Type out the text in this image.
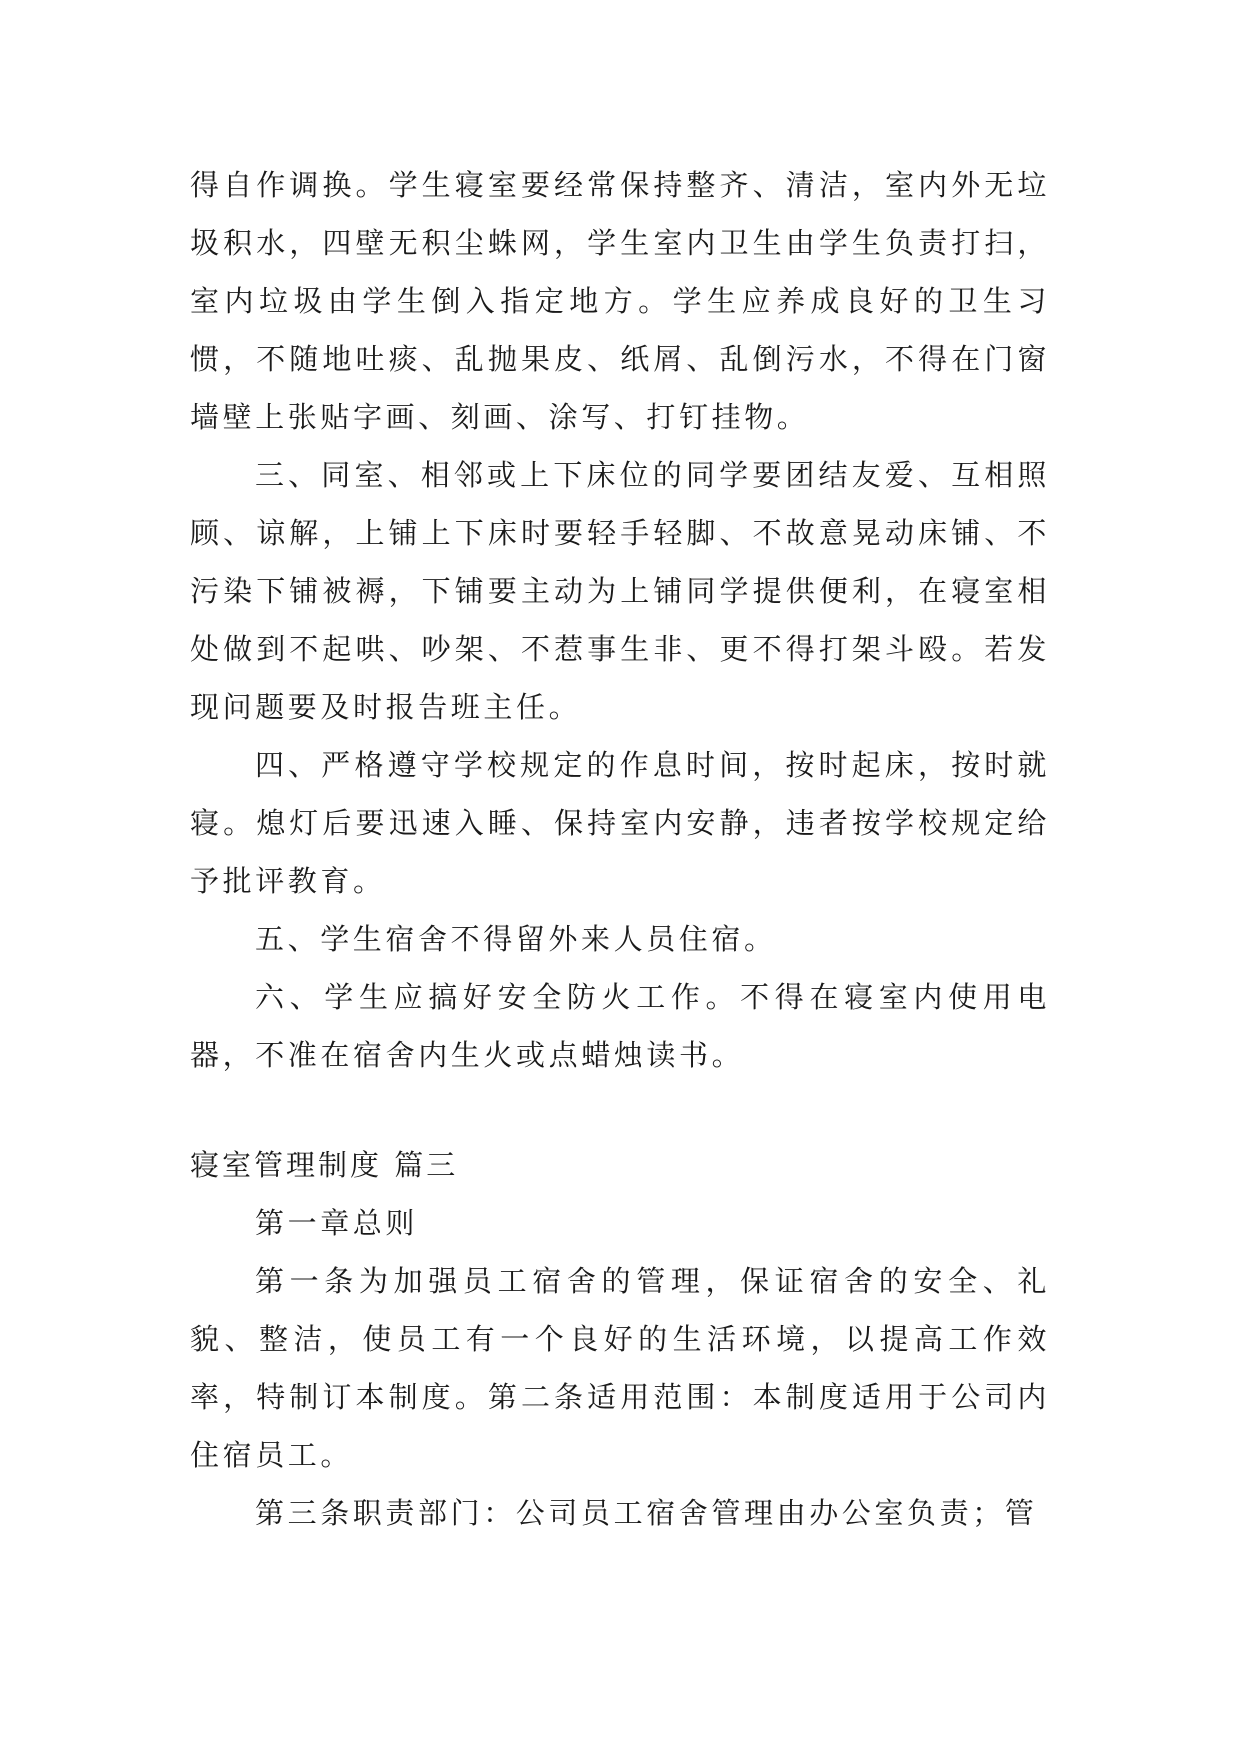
得自作调换。学生寝室要经常保持整齐、清洁，室内外无垃圾积水，四壁无积尘蛛网，学生室内卫生由学生负责打扫，室内垃圾由学生倒入指定地方。学生应养成良好的卫生习惯，不随地吐痰、乱抛果皮、纸屑、乱倒污水，不得在门窗墙壁上张贴字画、刻画、涂写、打钉挂物。

三、同室、相邻或上下床位的同学要团结友爱、互相照顾、谅解，上铺上下床时要轻手轻脚、不故意晃动床铺、不污染下铺被褥，下铺要主动为上铺同学提供便利，在寝室相处做到不起哄、吵架、不惹事生非、更不得打架斗殴。若发现问题要及时报告班主任。

四、严格遵守学校规定的作息时间，按时起床，按时就寝。熄灯后要迅速入睡、保持室内安静，违者按学校规定给予批评教育。

五、学生宿舍不得留外来人员住宿。

六、学生应搞好安全防火工作。不得在寝室内使用电器，不准在宿舍内生火或点蜡烛读书。

寝室管理制度 篇三

第一章总则

第一条为加强员工宿舍的管理，保证宿舍的安全、礼貌、整洁，使员工有一个良好的生活环境，以提高工作效率，特制订本制度。第二条适用范围：本制度适用于公司内住宿员工。

第三条职责部门：公司员工宿舍管理由办公室负责；管
